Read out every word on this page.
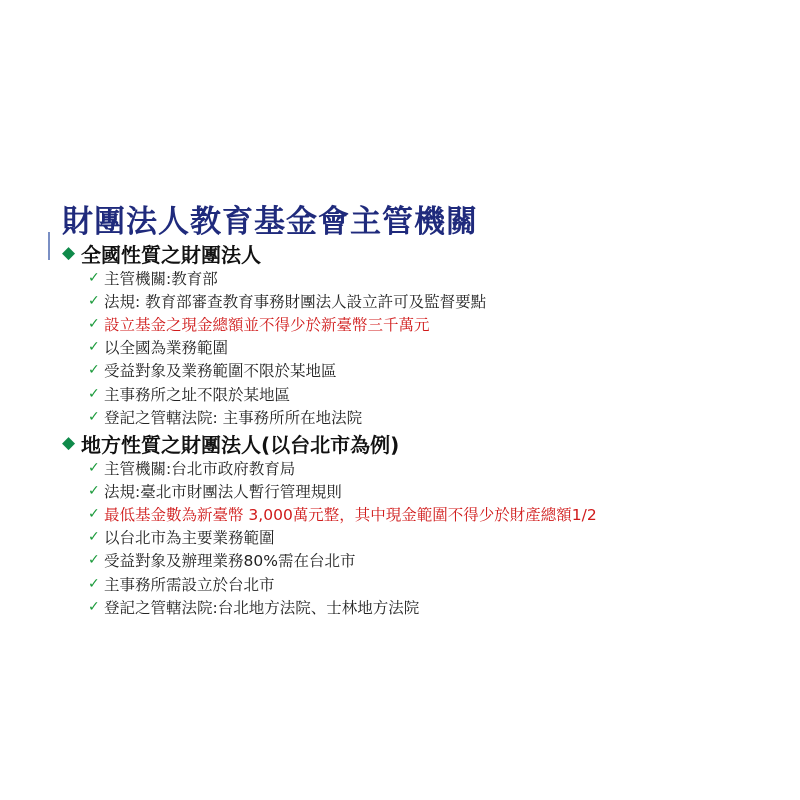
財團法人教育基金會主管機關
◆ 全國性質之財團法人
✓ 主管機關:教育部
✓ 法規: 教育部審查教育事務財團法人設立許可及監督要點
✓ 設立基金之現金總額並不得少於新臺幣三千萬元
✓ 以全國為業務範圍
✓ 受益對象及業務範圍不限於某地區
✓ 主事務所之址不限於某地區
✓ 登記之管轄法院: 主事務所所在地法院
◆ 地方性質之財團法人(以台北市為例)
✓ 主管機關:台北市政府教育局
✓ 法規:臺北市財團法人暫行管理規則
✓ 最低基金數為新臺幣 3,000萬元整，其中現金範圍不得少於財產總額1/2
✓ 以台北市為主要業務範圍
✓ 受益對象及辦理業務80%需在台北市
✓ 主事務所需設立於台北市
✓ 登記之管轄法院:台北地方法院、士林地方法院
